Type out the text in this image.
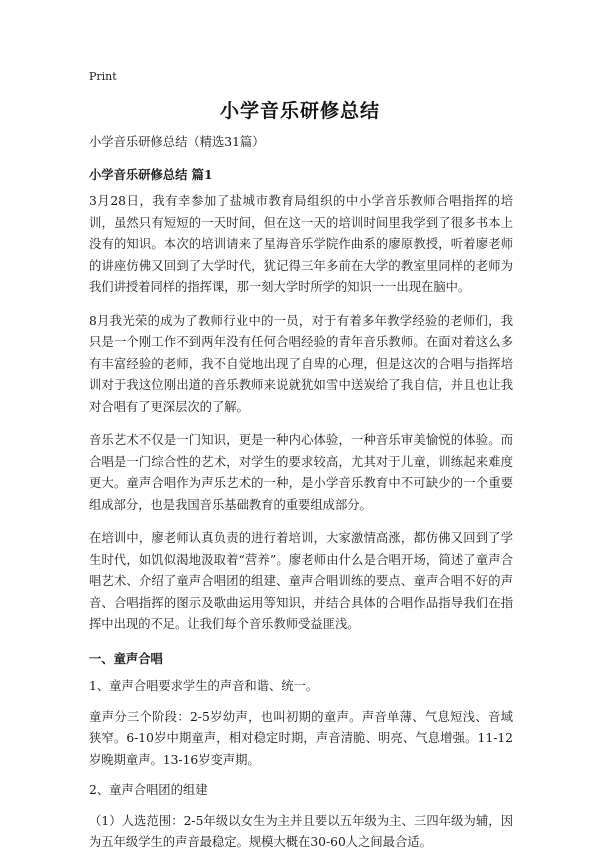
Print
小学音乐研修总结

小学音乐研修总结（精选31篇）

小学音乐研修总结 篇1

3月28日，我有幸参加了盐城市教育局组织的中小学音乐教师合唱指挥的培训，虽然只有短短的一天时间，但在这一天的培训时间里我学到了很多书本上没有的知识。本次的培训请来了星海音乐学院作曲系的廖原教授，听着廖老师的讲座仿佛又回到了大学时代，犹记得三年多前在大学的教室里同样的老师为我们讲授着同样的指挥课，那一刻大学时所学的知识一一出现在脑中。

8月我光荣的成为了教师行业中的一员，对于有着多年教学经验的老师们，我只是一个刚工作不到两年没有任何合唱经验的青年音乐教师。在面对着这么多有丰富经验的老师，我不自觉地出现了自卑的心理，但是这次的合唱与指挥培训对于我这位刚出道的音乐教师来说就犹如雪中送炭给了我自信，并且也让我对合唱有了更深层次的了解。

音乐艺术不仅是一门知识，更是一种内心体验，一种音乐审美愉悦的体验。而合唱是一门综合性的艺术，对学生的要求较高，尤其对于儿童，训练起来难度更大。童声合唱作为声乐艺术的一种，是小学音乐教育中不可缺少的一个重要组成部分，也是我国音乐基础教育的重要组成部分。

在培训中，廖老师认真负责的进行着培训，大家激情高涨，都仿佛又回到了学生时代，如饥似渴地汲取着“营养”。廖老师由什么是合唱开场，简述了童声合唱艺术、介绍了童声合唱团的组建、童声合唱训练的要点、童声合唱不好的声音、合唱指挥的图示及歌曲运用等知识，并结合具体的合唱作品指导我们在指挥中出现的不足。让我们每个音乐教师受益匪浅。

一、童声合唱

1、童声合唱要求学生的声音和谐、统一。

童声分三个阶段：2-5岁幼声，也叫初期的童声。声音单薄、气息短浅、音域狭窄。6-10岁中期童声，相对稳定时期，声音清脆、明亮、气息增强。11-12岁晚期童声。13-16岁变声期。

2、童声合唱团的组建

（1）人选范围：2-5年级以女生为主并且要以五年级为主、三四年级为辅，因为五年级学生的声音最稳定。规模大概在30-60人之间最合适。
